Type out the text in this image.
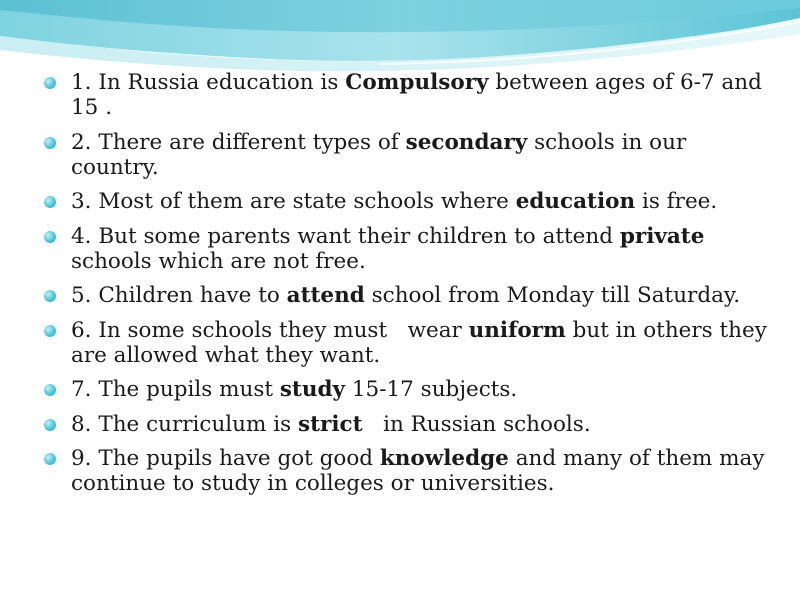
1. In Russia education is Compulsory between ages of 6-7 and 15 .
2. There are different types of secondary schools in our country.
3. Most of them are state schools where education is free.
4. But some parents want their children to attend private schools which are not free.
5. Children have to attend school from Monday till Saturday.
6. In some schools they must   wear uniform but in others they are allowed what they want.
7. The pupils must study 15-17 subjects.
8. The curriculum is strict   in Russian schools.
9. The pupils have got good knowledge and many of them may continue to study in colleges or universities.
